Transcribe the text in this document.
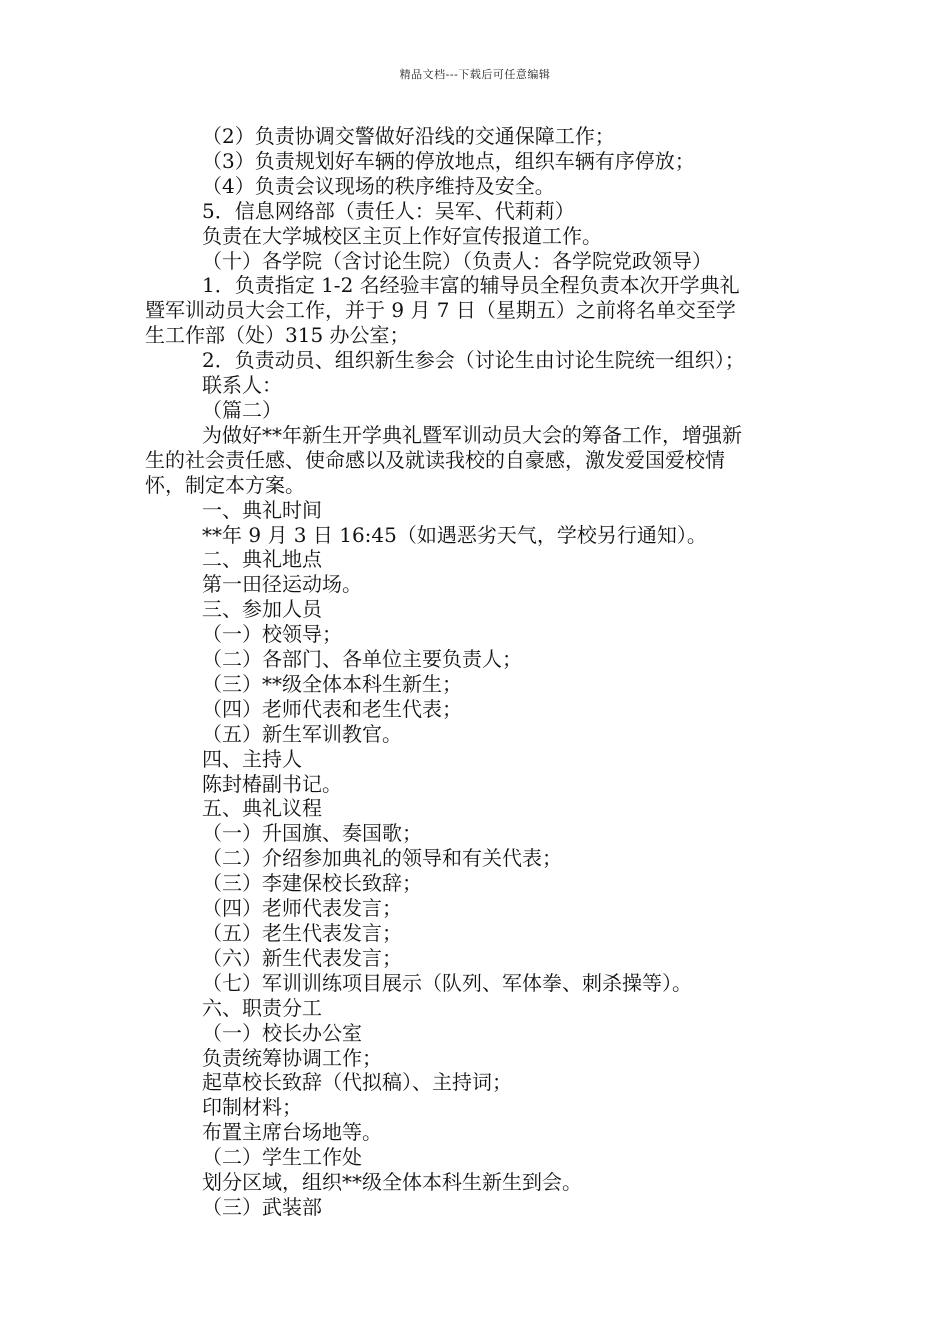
精品文档---下载后可任意编辑
（2）负责协调交警做好沿线的交通保障工作；
（3）负责规划好车辆的停放地点，组织车辆有序停放；
（4）负责会议现场的秩序维持及安全。
5．信息网络部（责任人：吴军、代莉莉）
负责在大学城校区主页上作好宣传报道工作。
（十）各学院（含讨论生院）（负责人：各学院党政领导）
1．负责指定 1-2 名经验丰富的辅导员全程负责本次开学典礼
暨军训动员大会工作，并于 9 月 7 日（星期五）之前将名单交至学
生工作部（处）315 办公室；
2．负责动员、组织新生参会（讨论生由讨论生院统一组织）；
联系人：
（篇二）
为做好**年新生开学典礼暨军训动员大会的筹备工作，增强新
生的社会责任感、使命感以及就读我校的自豪感，激发爱国爱校情
怀，制定本方案。
一、典礼时间
**年 9 月 3 日 16:45（如遇恶劣天气，学校另行通知）。
二、典礼地点
第一田径运动场。
三、参加人员
（一）校领导；
（二）各部门、各单位主要负责人；
（三）**级全体本科生新生；
（四）老师代表和老生代表；
（五）新生军训教官。
四、主持人
陈封椿副书记。
五、典礼议程
（一）升国旗、奏国歌；
（二）介绍参加典礼的领导和有关代表；
（三）李建保校长致辞；
（四）老师代表发言；
（五）老生代表发言；
（六）新生代表发言；
（七）军训训练项目展示（队列、军体拳、刺杀操等）。
六、职责分工
（一）校长办公室
负责统筹协调工作；
起草校长致辞（代拟稿）、主持词；
印制材料；
布置主席台场地等。
（二）学生工作处
划分区域，组织**级全体本科生新生到会。
（三）武装部
